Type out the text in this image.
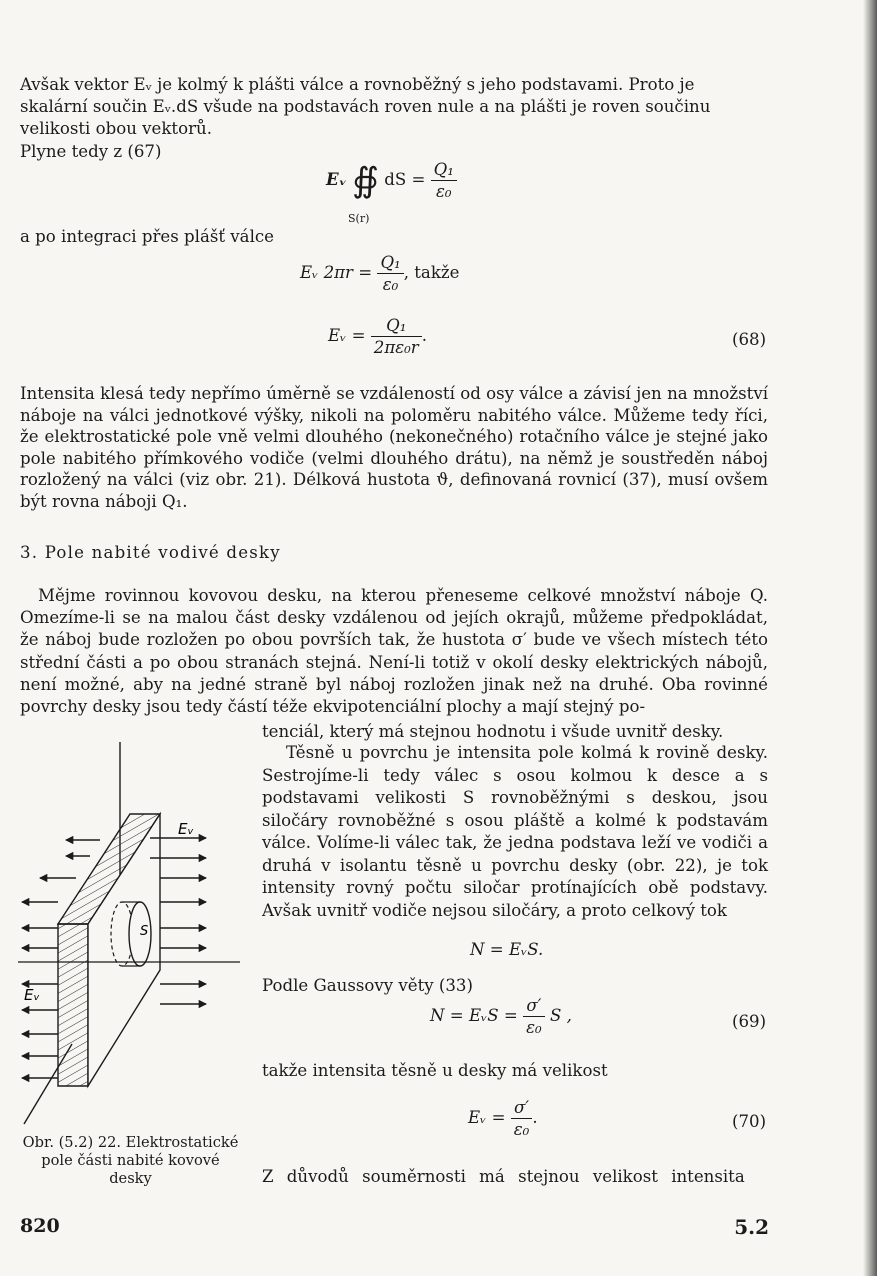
Avšak vektor Eᵥ je kolmý k plášti válce a rovnoběžný s jeho podstavami. Proto je
skalární součin Eᵥ.dS všude na podstavách roven nule a na plášti je roven součinu
velikosti obou vektorů.
Plyne tedy z (67)
Eᵥ ∯ dS = $\frac{\text{Q₁}}{\text{ε₀}}$
S(r)
a po integraci přes plášť válce
Eᵥ $2\pi r = \frac{\text{Q₁}}{\text{ε₀}}$ , takže
Eᵥ = $\frac{\text{Q₁}}{\text{2πε₀r}}$ .	(68)

Intensita klesá tedy nepřímo úměrně se vzdáleností od osy válce a závisí jen na množství náboje na válci jednotkové výšky, nikoli na poloměru nabitého válce. Můžeme tedy říci, že elektrostatické pole vně velmi dlouhého (nekonečného) rotačního válce je stejné jako pole nabitého přímkového vodiče (velmi dlouhého drátu), na němž je soustředěn náboj rozložený na válci (viz obr. 21). Délková hustota ϑ, definovaná rovnicí (37), musí ovšem být rovna náboji Q₁.

3. Pole nabité vodivé desky

Mějme rovinnou kovovou desku, na kterou přeneseme celkové množství náboje Q. Omezíme-li se na malou část desky vzdálenou od jejích okrajů, můžeme předpokládat, že náboj bude rozložen po obou površích tak, že hustota σ′ bude ve všech místech této střední části a po obou stranách stejná. Není-li totiž v okolí desky elektrických nábojů, není možné, aby na jedné straně byl náboj rozložen jinak než na druhé. Oba rovinné povrchy desky jsou tedy částí téže ekvipotenciální plochy a mají stejný po-

tenciál, který má stejnou hodnotu i všude uvnitř desky.

Těsně u povrchu je intensita pole kolmá k rovině desky. Sestrojíme-li tedy válec s osou kolmou k desce a s podstavami velikosti S rovnoběžnými s deskou, jsou siločáry rovnoběžné s osou pláště a kolmé k podstavám válce. Volíme-li válec tak, že jedna podstava leží ve vodiči a druhá v isolantu těsně u povrchu desky (obr. 22), je tok intensity rovný počtu siločar protínajících obě podstavy. Avšak uvnitř vodiče nejsou siločáry, a proto celkový tok

N = EᵥS.
Podle Gaussovy věty (33)
N = EᵥS = $\frac{\sigma'}{\text{ε₀}}$ S ,	(69)
takže intensita těsně u desky má velikost
Eᵥ = $\frac{\sigma'}{\text{ε₀}}$ .	(70)
Z důvodů souměrnosti má stejnou velikost intensita
S
Eᵥ
Eᵥ
Obr. (5.2) 22. Elektrostatické pole části nabité kovové desky
820	5.2
